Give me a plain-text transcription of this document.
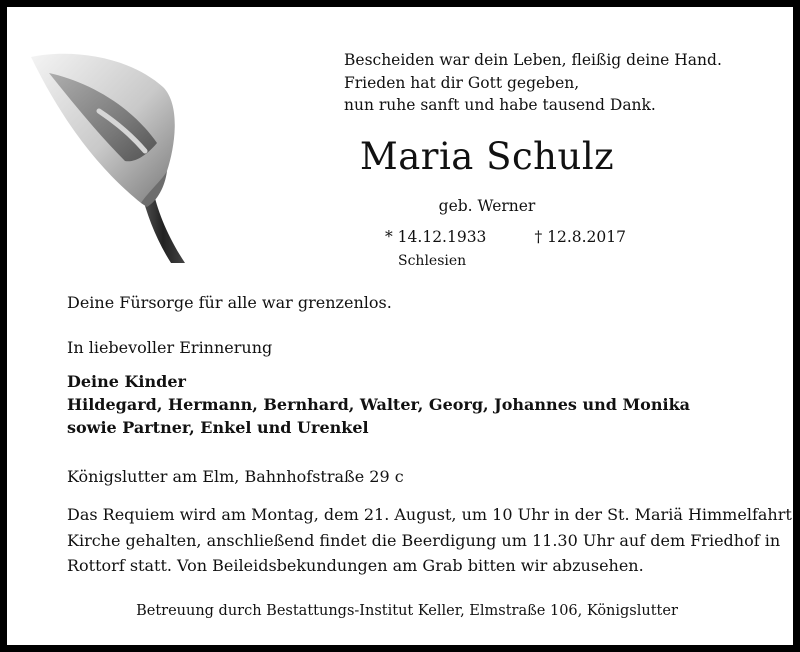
Bescheiden war dein Leben, fleißig deine Hand.
Frieden hat dir Gott gegeben,
nun ruhe sanft und habe tausend Dank.
Maria Schulz
geb. Werner
* 14.12.1933	† 12.8.2017
Schlesien
Deine Fürsorge für alle war grenzenlos.
In liebevoller Erinnerung
Deine Kinder
Hildegard, Hermann, Bernhard, Walter, Georg, Johannes und Monika
sowie Partner, Enkel und Urenkel
Königslutter am Elm, Bahnhofstraße 29 c
Das Requiem wird am Montag, dem 21. August, um 10 Uhr in der St. Mariä Himmelfahrt
Kirche gehalten, anschließend findet die Beerdigung um 11.30 Uhr auf dem Friedhof in
Rottorf statt. Von Beileidsbekundungen am Grab bitten wir abzusehen.
Betreuung durch Bestattungs-Institut Keller, Elmstraße 106, Königslutter
